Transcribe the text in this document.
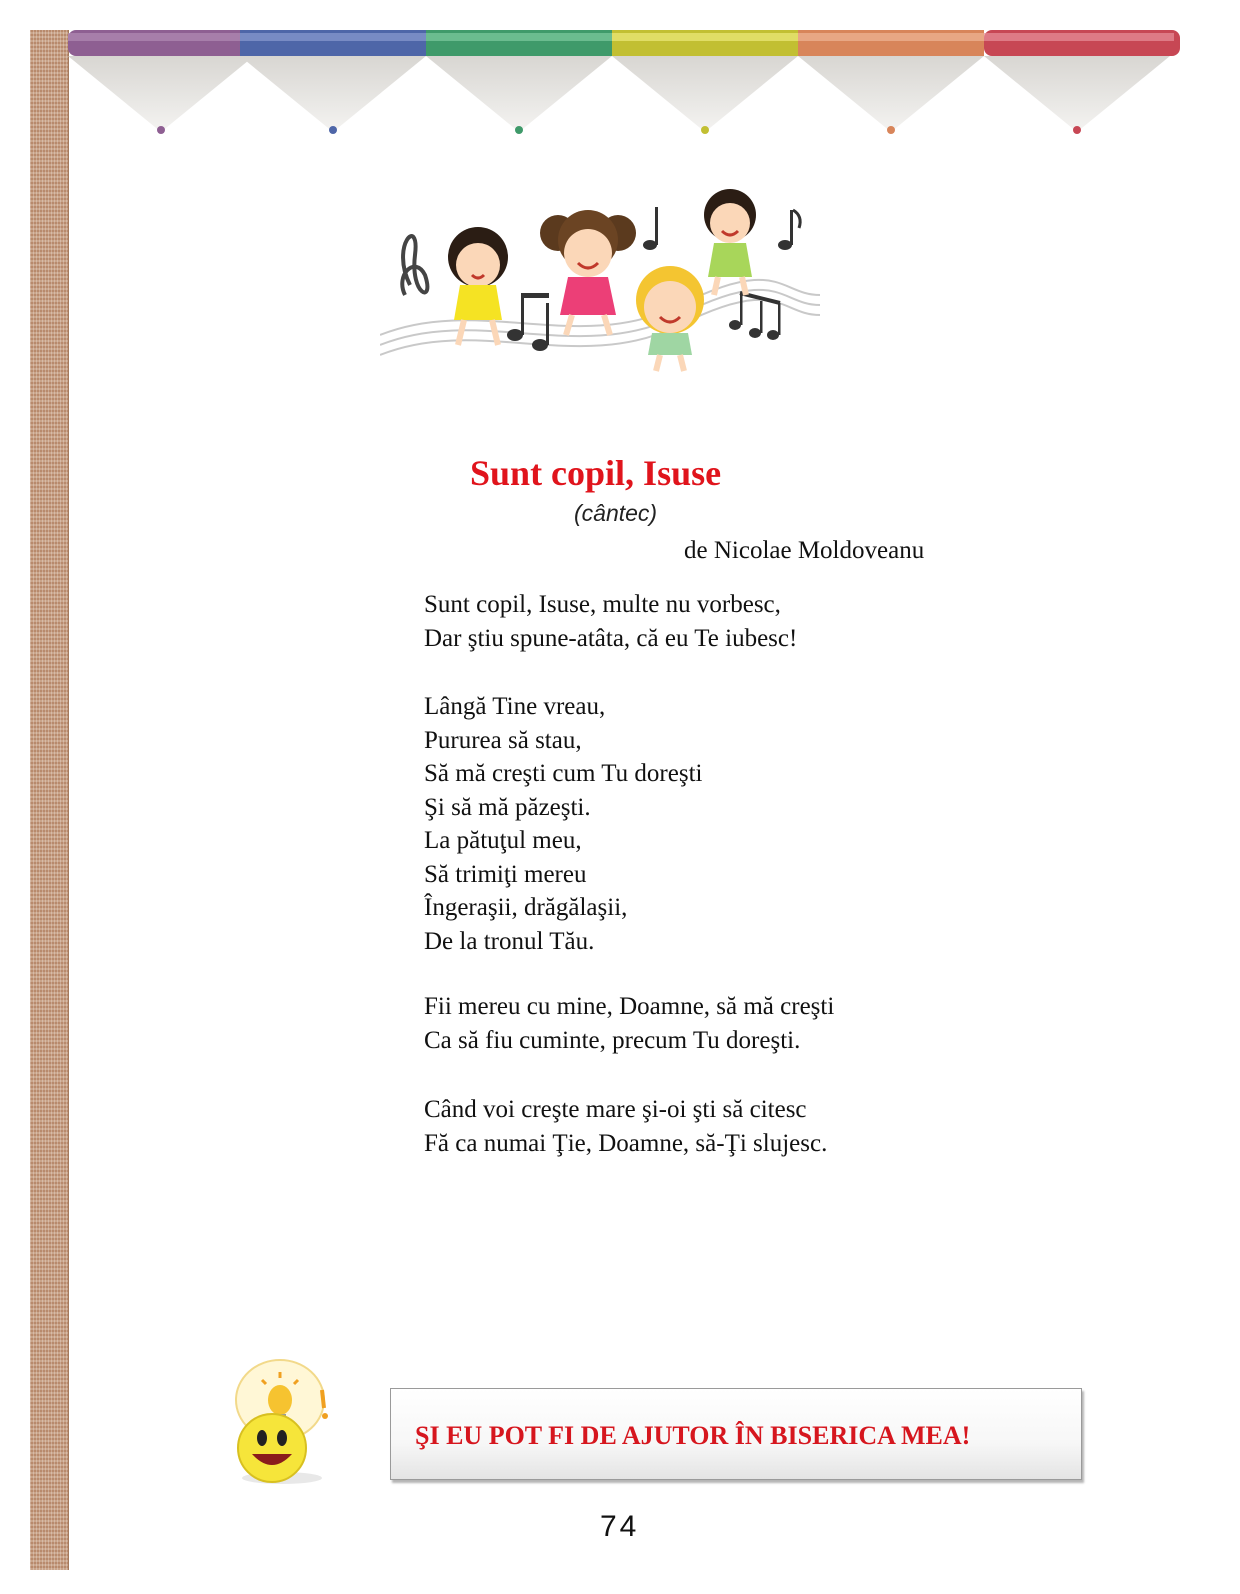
Sunt copil, Isuse
(cântec)
de Nicolae Moldoveanu
Sunt copil, Isuse, multe nu vorbesc,
Dar ştiu spune-atâta, că eu Te iubesc!
Lângă Tine vreau,
Pururea să stau,
Să mă creşti cum Tu doreşti
Şi să mă păzeşti.
La pătuţul meu,
Să trimiţi mereu
Îngeraşii, drăgălaşii,
De la tronul Tău.
Fii mereu cu mine, Doamne, să mă creşti
Ca să fiu cuminte, precum Tu doreşti.
Când voi creşte mare şi-oi şti să citesc
Fă ca numai Ţie, Doamne, să-Ţi slujesc.
ŞI EU POT FI DE AJUTOR ÎN BISERICA MEA!
74
